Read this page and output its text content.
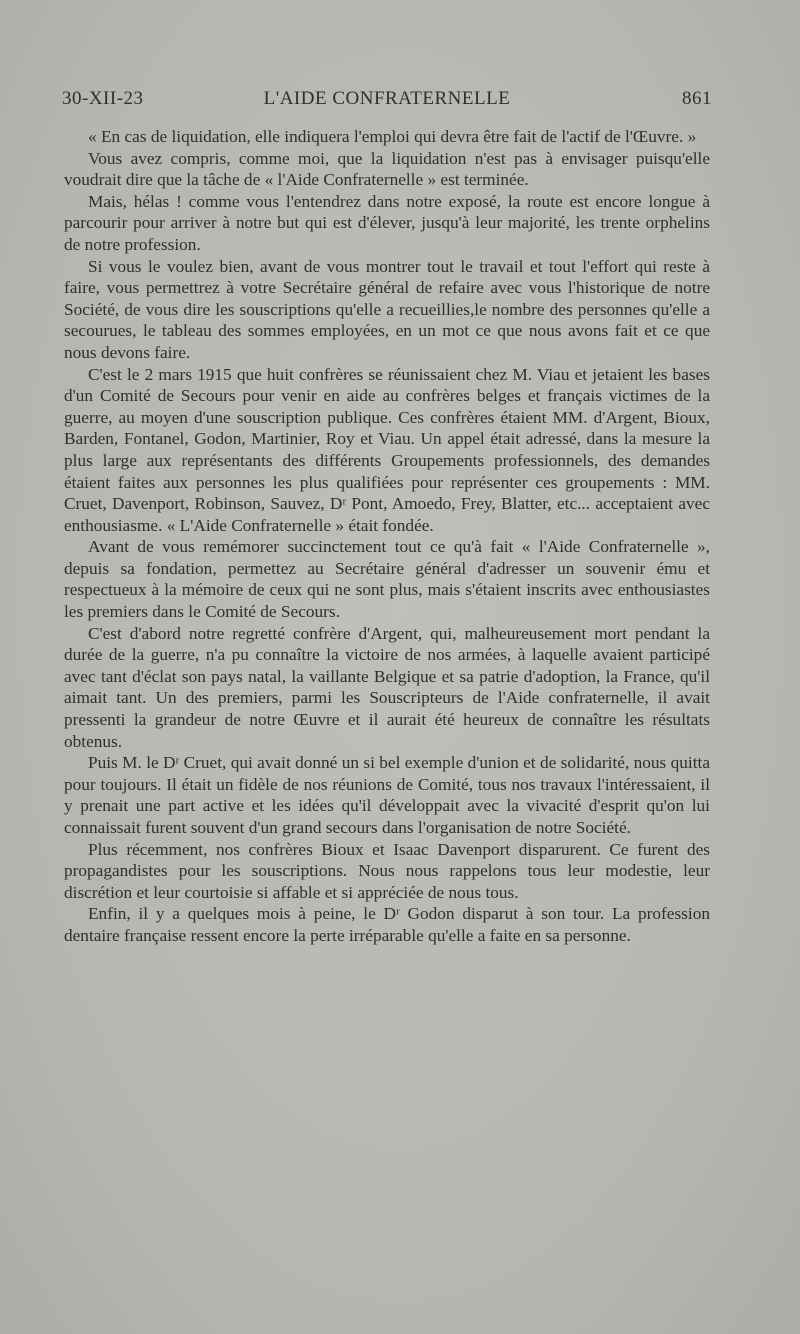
30-XII-23	L'AIDE CONFRATERNELLE	861

« En cas de liquidation, elle indiquera l'emploi qui devra être fait de l'actif de l'Œuvre. »

Vous avez compris, comme moi, que la liquidation n'est pas à envisager puisqu'elle voudrait dire que la tâche de « l'Aide Confraternelle » est terminée.

Mais, hélas ! comme vous l'entendrez dans notre exposé, la route est encore longue à parcourir pour arriver à notre but qui est d'élever, jusqu'à leur majorité, les trente orphelins de notre profession.

Si vous le voulez bien, avant de vous montrer tout le travail et tout l'effort qui reste à faire, vous permettrez à votre Secrétaire général de refaire avec vous l'historique de notre Société, de vous dire les souscriptions qu'elle a recueillies,le nombre des personnes qu'elle a secourues, le tableau des sommes employées, en un mot ce que nous avons fait et ce que nous devons faire.

C'est le 2 mars 1915 que huit confrères se réunissaient chez M. Viau et jetaient les bases d'un Comité de Secours pour venir en aide au confrères belges et français victimes de la guerre, au moyen d'une souscription publique. Ces confrères étaient MM. d'Argent, Bioux, Barden, Fontanel, Godon, Martinier, Roy et Viau. Un appel était adressé, dans la mesure la plus large aux représentants des différents Groupements professionnels, des demandes étaient faites aux personnes les plus qualifiées pour représenter ces groupements : MM. Cruet, Davenport, Robinson, Sauvez, Dʳ Pont, Amoedo, Frey, Blatter, etc... acceptaient avec enthousiasme. « L'Aide Confraternelle » était fondée.

Avant de vous remémorer succinctement tout ce qu'à fait « l'Aide Confraternelle », depuis sa fondation, permettez au Secrétaire général d'adresser un souvenir ému et respectueux à la mémoire de ceux qui ne sont plus, mais s'étaient inscrits avec enthousiastes les premiers dans le Comité de Secours.

C'est d'abord notre regretté confrère d'Argent, qui, malheureusement mort pendant la durée de la guerre, n'a pu connaître la victoire de nos armées, à laquelle avaient participé avec tant d'éclat son pays natal, la vaillante Belgique et sa patrie d'adoption, la France, qu'il aimait tant. Un des premiers, parmi les Souscripteurs de l'Aide confraternelle, il avait pressenti la grandeur de notre Œuvre et il aurait été heureux de connaître les résultats obtenus.

Puis M. le Dʳ Cruet, qui avait donné un si bel exemple d'union et de solidarité, nous quitta pour toujours. Il était un fidèle de nos réunions de Comité, tous nos travaux l'intéressaient, il y prenait une part active et les idées qu'il développait avec la vivacité d'esprit qu'on lui connaissait furent souvent d'un grand secours dans l'organisation de notre Société.

Plus récemment, nos confrères Bioux et Isaac Davenport disparurent. Ce furent des propagandistes pour les souscriptions. Nous nous rappelons tous leur modestie, leur discrétion et leur courtoisie si affable et si appréciée de nous tous.

Enfin, il y a quelques mois à peine, le Dʳ Godon disparut à son tour. La profession dentaire française ressent encore la perte irréparable qu'elle a faite en sa personne.
